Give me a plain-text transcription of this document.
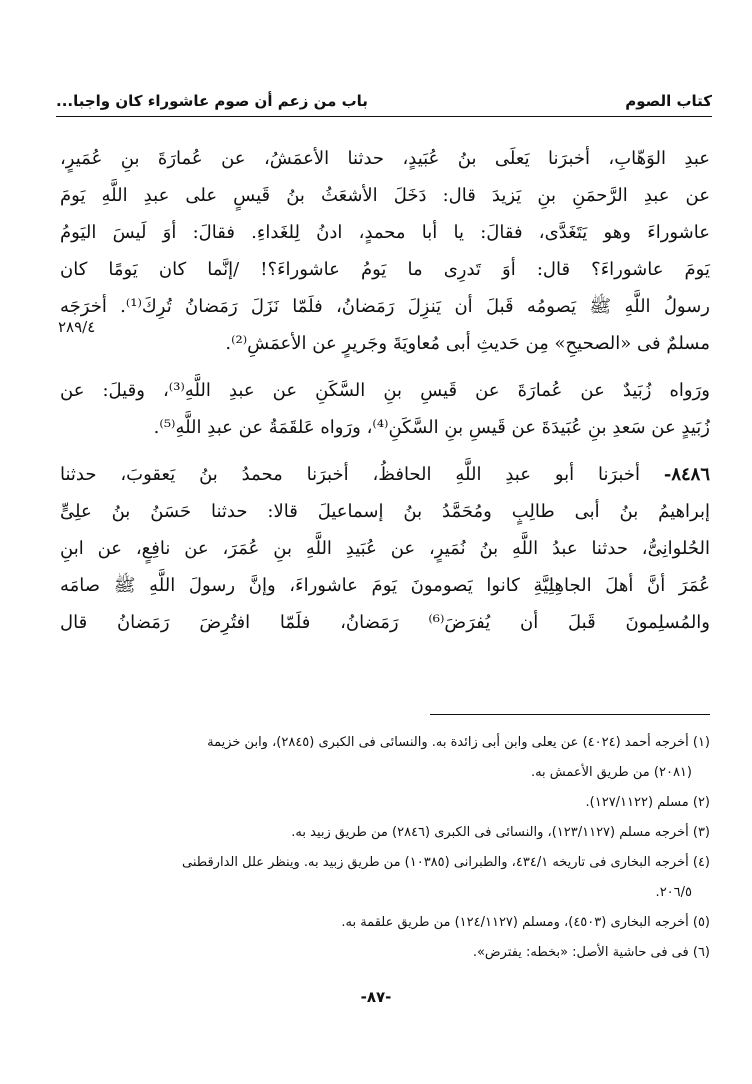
كتاب الصوم
باب من زعم أن صوم عاشوراء كان واجبا...
٢٨٩/٤
عبدِ الوَهّابِ، أخبرَنا يَعلَى بنُ عُبَيدٍ، حدثنا الأعمَشُ، عن عُمارَةَ بنِ عُمَيرٍ،
عن عبدِ الرَّحمَنِ بنِ يَزيدَ قال: دَخَلَ الأشعَثُ بنُ قَيسٍ على عبدِ اللَّهِ يَومَ
عاشوراءَ وهو يَتَغَدَّى، فقالَ: يا أبا محمدٍ، ادنُ لِلغَداءِ. فقالَ: أوَ لَيسَ اليَومُ
يَومَ عاشوراءَ؟ قال: أوَ تَدرِى ما يَومُ عاشوراءَ؟! /إنَّما كان يَومًا كان
رسولُ اللَّهِ ﷺ يَصومُه قَبلَ أن يَنزِلَ رَمَضانُ، فلَمّا نَزَلَ رَمَضانُ تُرِكَ⁽¹⁾. أخرَجَه
مسلمٌ فى «الصحيحِ» مِن حَديثِ أبى مُعاويَةَ وجَريرٍ عن الأعمَشِ⁽²⁾.
ورَواه زُبَيدٌ عن عُمارَةَ عن قَيسِ بنِ السَّكَنِ عن عبدِ اللَّهِ⁽³⁾، وقيلَ: عن
زُبَيدٍ عن سَعدِ بنِ عُبَيدَةَ عن قَيسِ بنِ السَّكَنِ⁽⁴⁾، ورَواه عَلقَمَةُ عن عبدِ اللَّهِ⁽⁵⁾.
٨٤٨٦- أخبرَنا أبو عبدِ اللَّهِ الحافظُ، أخبرَنا محمدُ بنُ يَعقوبَ، حدثنا
إبراهيمُ بنُ أبى طالِبٍ ومُحَمَّدُ بنُ إسماعيلَ قالا: حدثنا حَسَنُ بنُ علِىٍّ
الحُلوانِىُّ، حدثنا عبدُ اللَّهِ بنُ نُمَيرٍ، عن عُبَيدِ اللَّهِ بنِ عُمَرَ، عن نافِعٍ، عن ابنِ
عُمَرَ أنَّ أهلَ الجاهِلِيَّةِ كانوا يَصومونَ يَومَ عاشوراءَ، وإنَّ رسولَ اللَّهِ ﷺ صامَه
والمُسلِمونَ قَبلَ أن يُفرَضَ⁽⁶⁾ رَمَضانُ، فلَمّا افتُرِضَ رَمَضانُ قال
(١) أخرجه أحمد (٤٠٢٤) عن يعلى وابن أبى زائدة به. والنسائى فى الكبرى (٢٨٤٥)، وابن خزيمة
(٢٠٨١) من طريق الأعمش به.
(٢) مسلم (١٢٧/١١٢٢).
(٣) أخرجه مسلم (١٢٣/١١٢٧)، والنسائى فى الكبرى (٢٨٤٦) من طريق زبيد به.
(٤) أخرجه البخارى فى تاريخه ٤٣٤/١، والطبرانى (١٠٣٨٥) من طريق زبيد به. وينظر علل الدارقطنى
٢٠٦/٥.
(٥) أخرجه البخارى (٤٥٠٣)، ومسلم (١٢٤/١١٢٧) من طريق علقمة به.
(٦) فى فى حاشية الأصل: «بخطه: يفترض».
-٨٧-
